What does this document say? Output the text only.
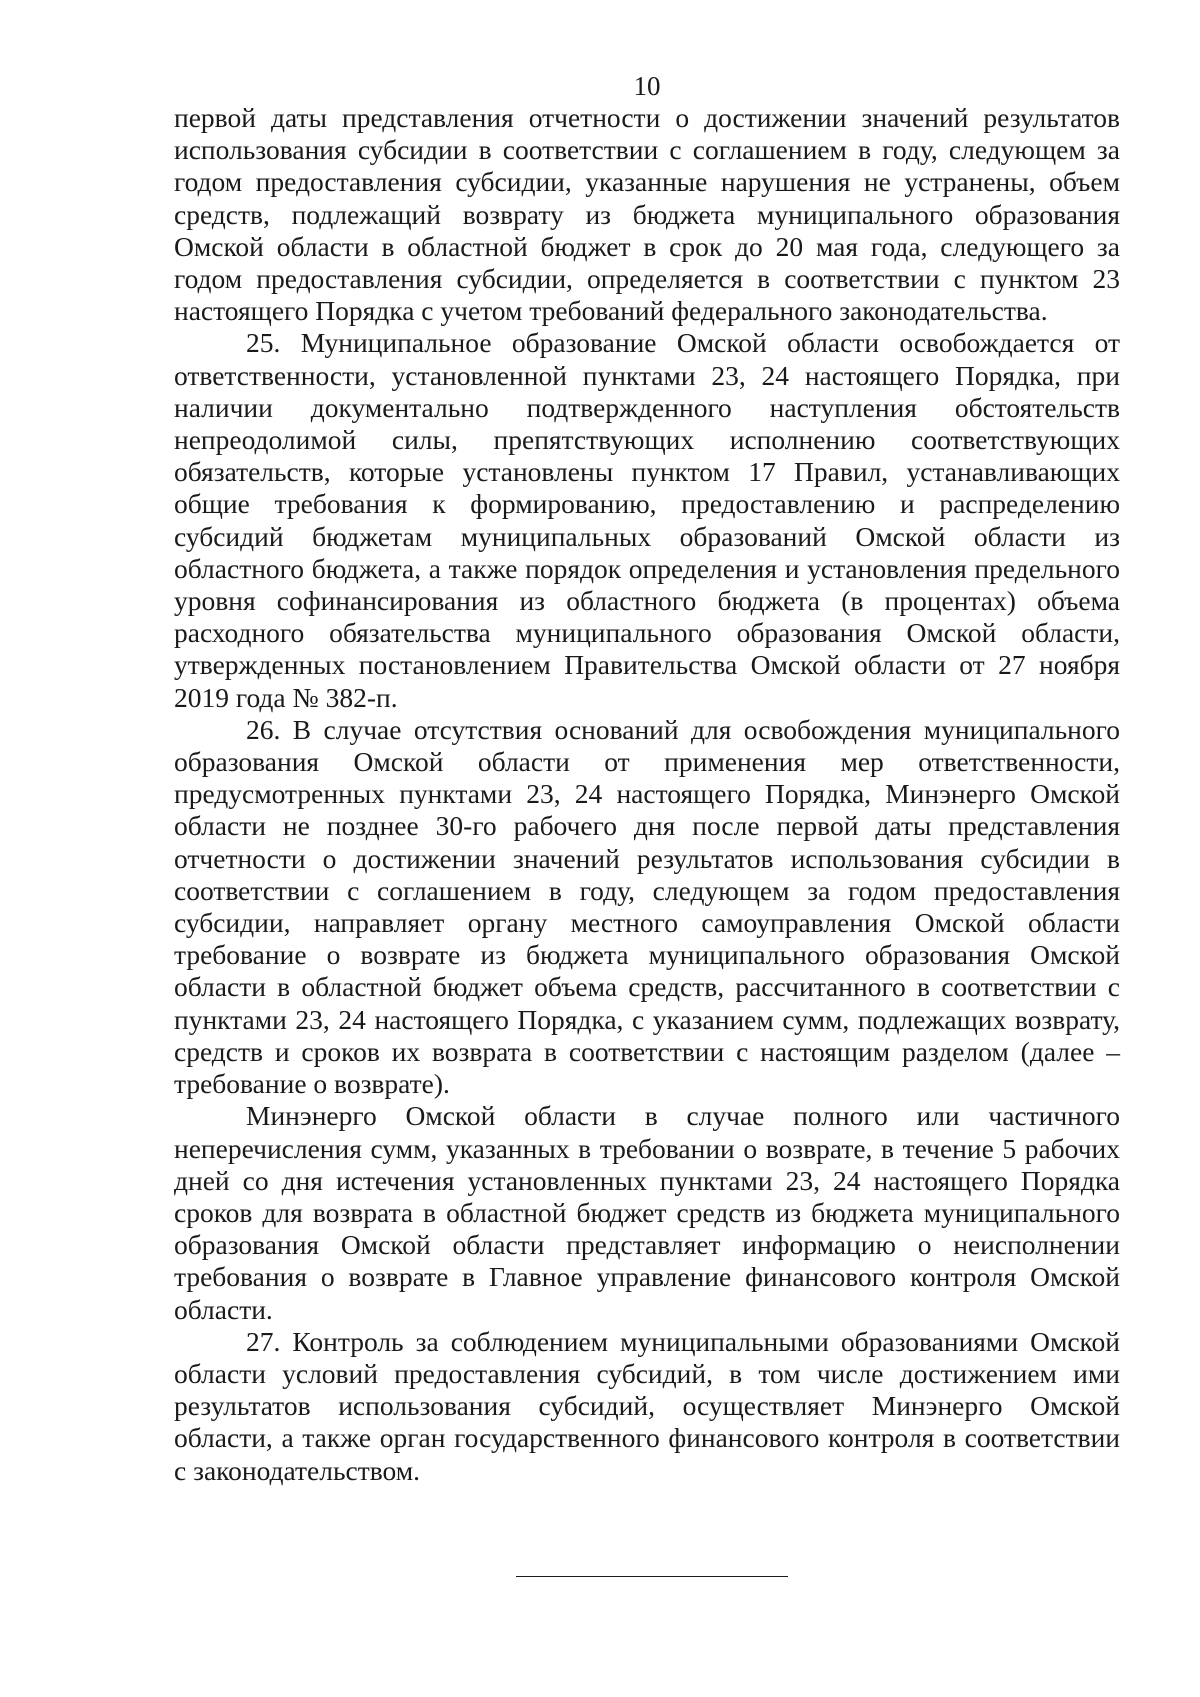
10

первой даты представления отчетности о достижении значений результатов использования субсидии в соответствии с соглашением в году, следующем за годом предоставления субсидии, указанные нарушения не устранены, объем средств, подлежащий возврату из бюджета муниципального образования Омской области в областной бюджет в срок до 20 мая года, следующего за годом предоставления субсидии, определяется в соответствии с пунктом 23 настоящего Порядка с учетом требований федерального законодательства.

25. Муниципальное образование Омской области освобождается от ответственности, установленной пунктами 23, 24 настоящего Порядка, при наличии документально подтвержденного наступления обстоятельств непреодолимой силы, препятствующих исполнению соответствующих обязательств, которые установлены пунктом 17 Правил, устанавливающих общие требования к формированию, предоставлению и распределению субсидий бюджетам муниципальных образований Омской области из областного бюджета, а также порядок определения и установления предельного уровня софинансирования из областного бюджета (в процентах) объема расходного обязательства муниципального образования Омской области, утвержденных постановлением Правительства Омской области от 27 ноября 2019 года № 382-п.

26. В случае отсутствия оснований для освобождения муниципального образования Омской области от применения мер ответственности, предусмотренных пунктами 23, 24 настоящего Порядка, Минэнерго Омской области не позднее 30-го рабочего дня после первой даты представления отчетности о достижении значений результатов использования субсидии в соответствии с соглашением в году, следующем за годом предоставления субсидии, направляет органу местного самоуправления Омской области требование о возврате из бюджета муниципального образования Омской области в областной бюджет объема средств, рассчитанного в соответствии с пунктами 23, 24 настоящего Порядка, с указанием сумм, подлежащих возврату, средств и сроков их возврата в соответствии с настоящим разделом (далее – требование о возврате).

Минэнерго Омской области в случае полного или частичного неперечисления сумм, указанных в требовании о возврате, в течение 5 рабочих дней со дня истечения установленных пунктами 23, 24 настоящего Порядка сроков для возврата в областной бюджет средств из бюджета муниципального образования Омской области представляет информацию о неисполнении требования о возврате в Главное управление финансового контроля Омской области.

27. Контроль за соблюдением муниципальными образованиями Омской области условий предоставления субсидий, в том числе достижением ими результатов использования субсидий, осуществляет Минэнерго Омской области, а также орган государственного финансового контроля в соответствии с законодательством.
